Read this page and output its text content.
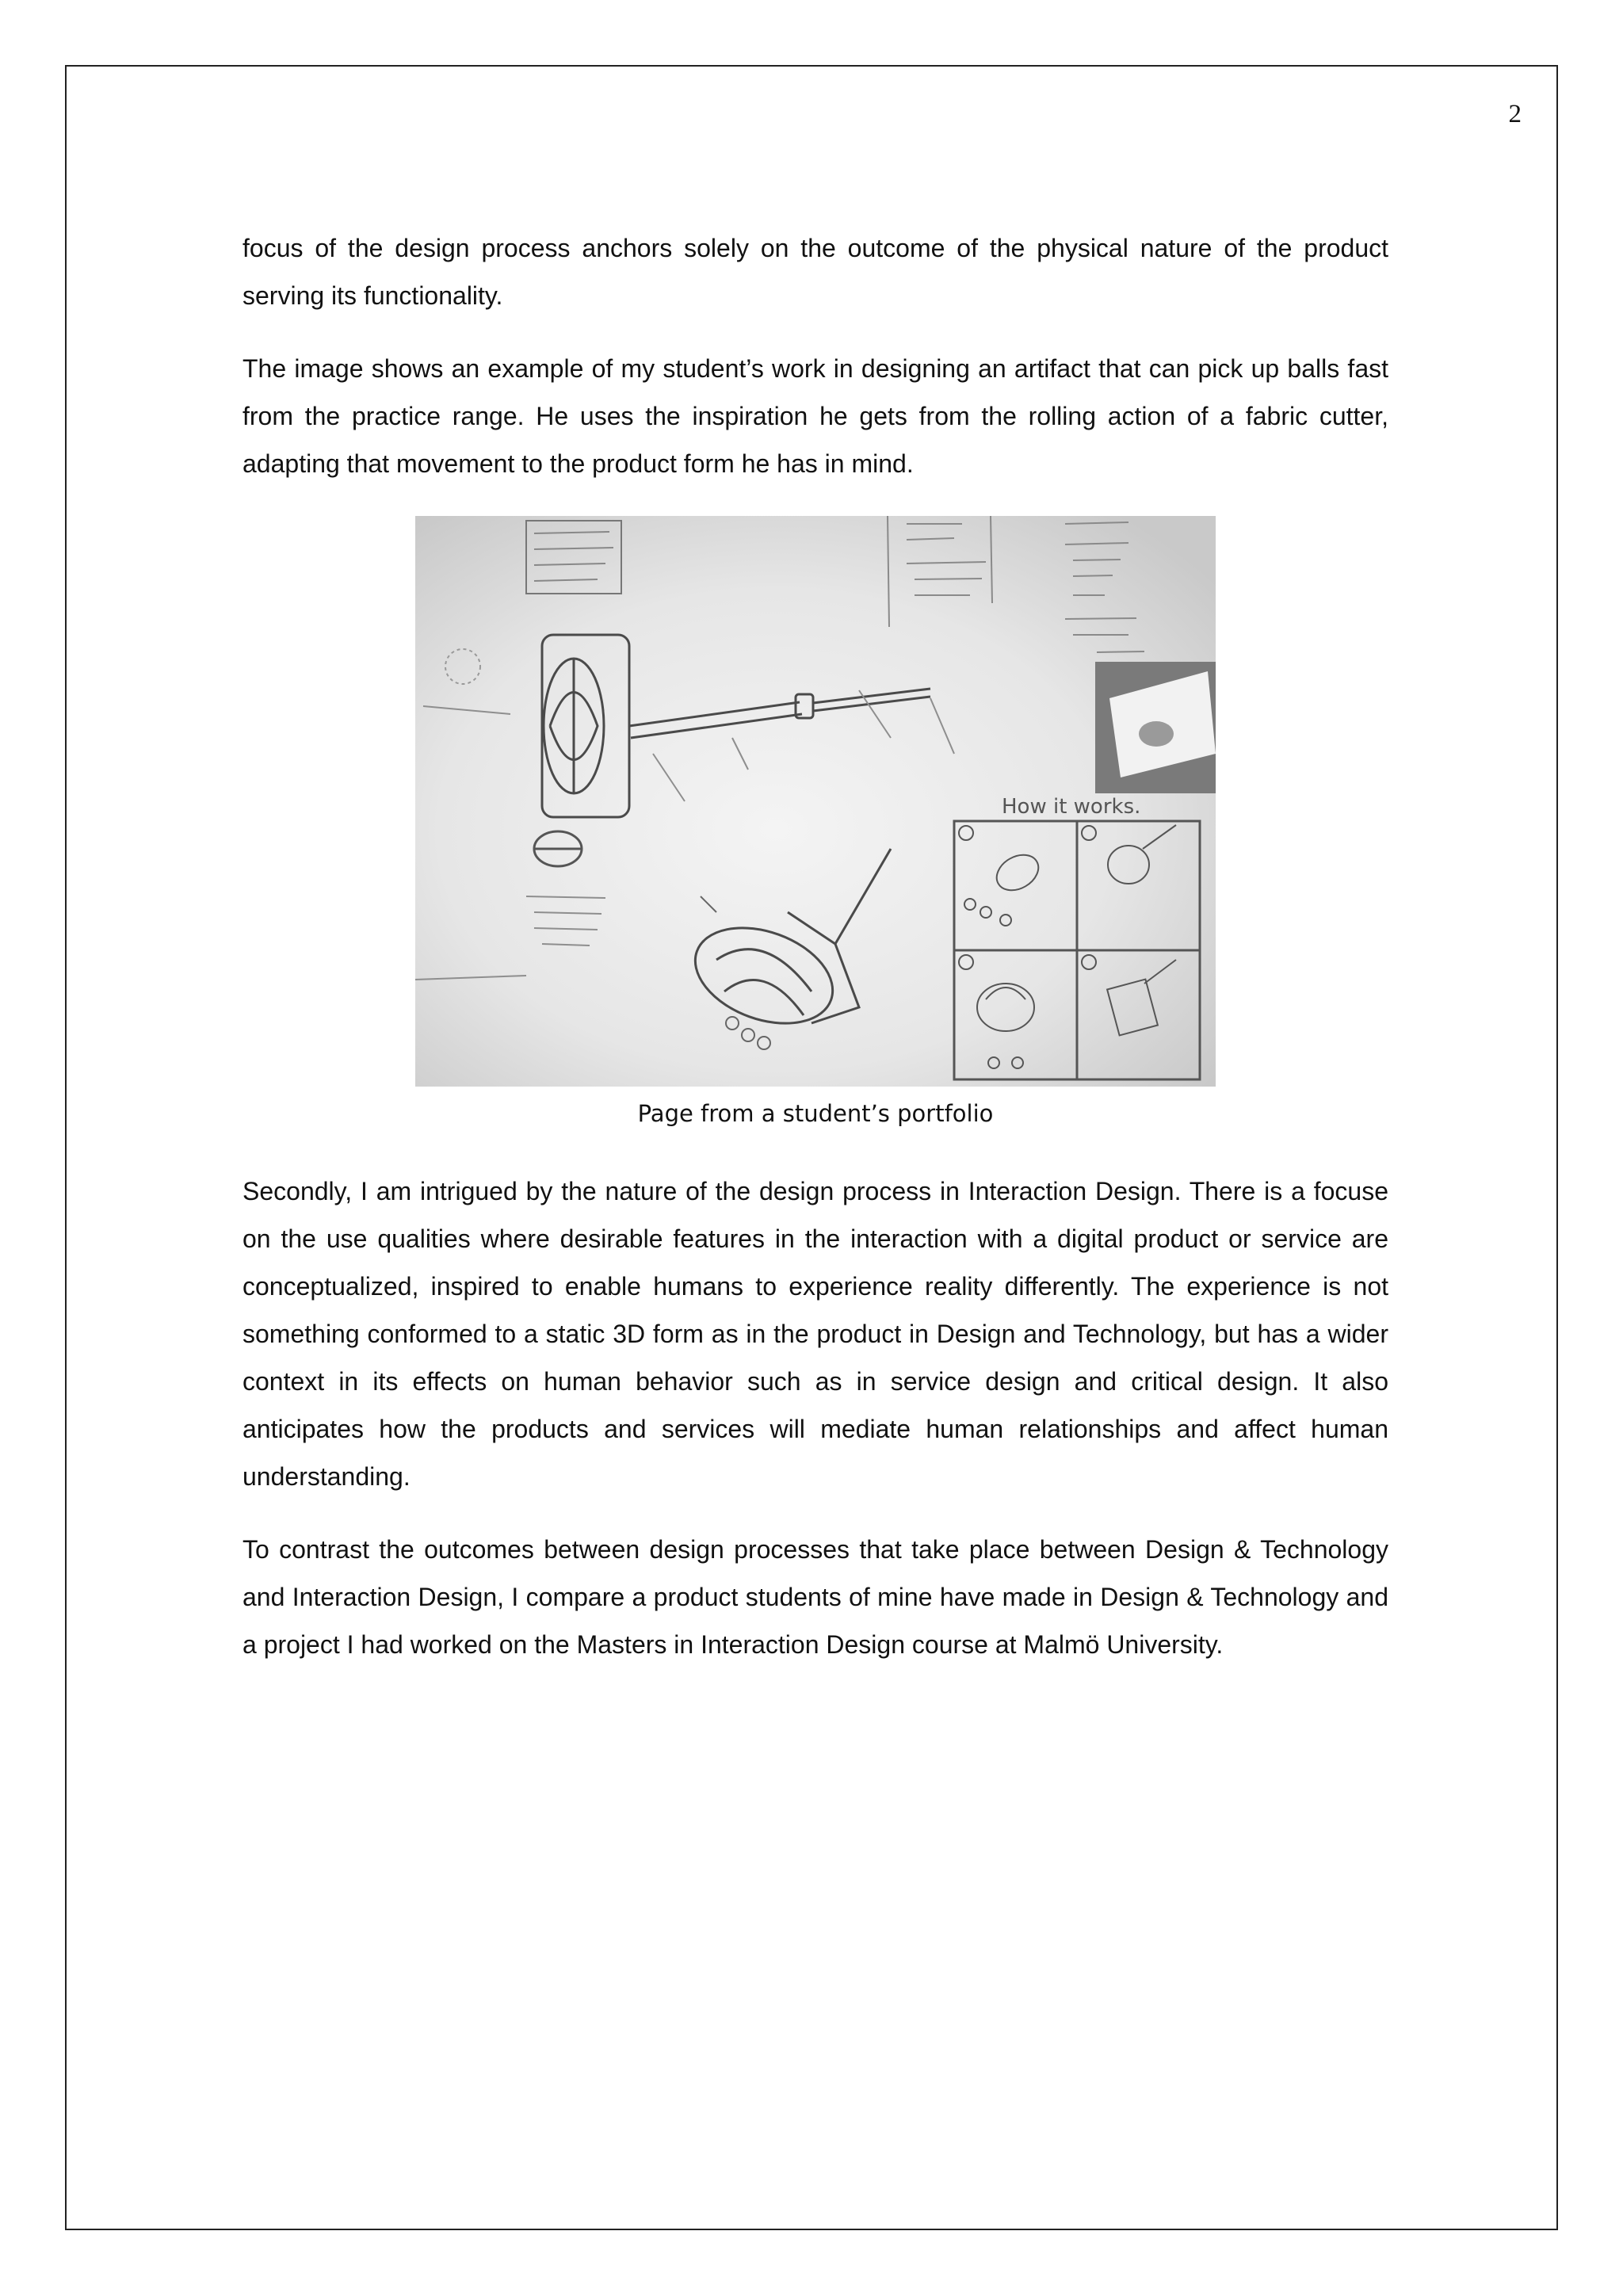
2

focus of the design process anchors solely on the outcome of the physical nature of the product serving its functionality.

The image shows an example of my student’s work in designing an artifact that can pick up balls fast from the practice range. He uses the inspiration he gets from the rolling action of a fabric cutter, adapting that movement to the product form he has in mind.

How it works.
Page from a student’s portfolio

Secondly, I am intrigued by the nature of the design process in Interaction Design. There is a focuse on the use qualities where desirable features in the interaction with a digital product or service are conceptualized, inspired to enable humans to experience reality differently. The experience is not something conformed to a static 3D form as in the product in Design and Technology, but has a wider context in its effects on human behavior such as in service design and critical design. It also anticipates how the products and services will mediate human relationships and affect human understanding.

To contrast the outcomes between design processes that take place between Design & Technology and Interaction Design, I compare a product students of mine have made in Design & Technology and a project I had worked on the Masters in Interaction Design course at Malmö University.
